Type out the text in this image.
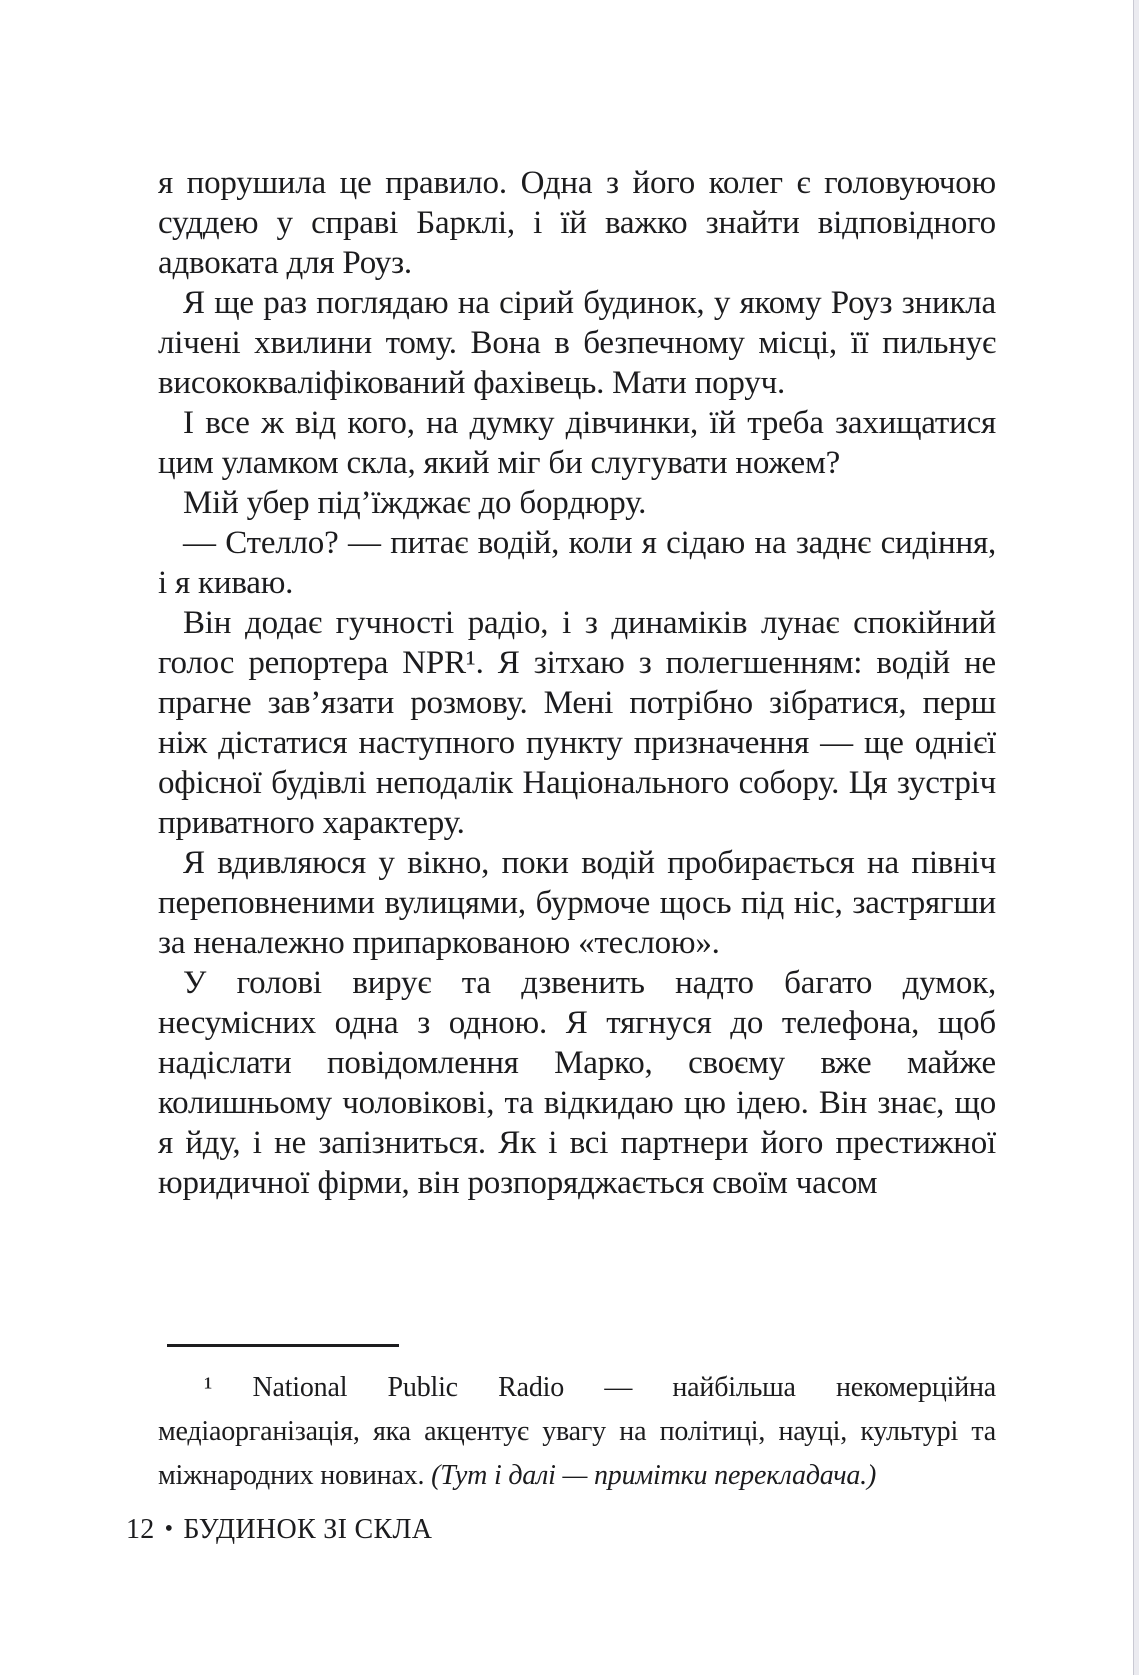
я порушила це правило. Одна з його колег є головуючою суддею у справі Барклі, і їй важко знайти відповідного адвоката для Роуз.

Я ще раз поглядаю на сірий будинок, у якому Роуз зникла лічені хвилини тому. Вона в безпечному місці, її пильнує висококваліфікований фахівець. Мати поруч.

І все ж від кого, на думку дівчинки, їй треба захищатися цим уламком скла, який міг би слугувати ножем?

Мій убер під’їжджає до бордюру.

— Стелло? — питає водій, коли я сідаю на заднє сидіння, і я киваю.

Він додає гучності радіо, і з динаміків лунає спокійний голос репортера NPR¹. Я зітхаю з полегшенням: водій не прагне зав’язати розмову. Мені потрібно зібратися, перш ніж дістатися наступного пункту призначення — ще однієї офісної будівлі неподалік Національного собору. Ця зустріч приватного характеру.

Я вдивляюся у вікно, поки водій пробирається на північ переповненими вулицями, бурмоче щось під ніс, застрягши за неналежно припаркованою «теслою».

У голові вирує та дзвенить надто багато думок, несумісних одна з одною. Я тягнуся до телефона, щоб надіслати повідомлення Марко, своєму вже майже колишньому чоловікові, та відкидаю цю ідею. Він знає, що я йду, і не запізниться. Як і всі партнери його престижної юридичної фірми, він розпоряджається своїм часом

¹ National Public Radio — найбільша некомерційна медіаорганізація, яка акцентує увагу на політиці, науці, культурі та міжнародних новинах. (Тут і далі — примітки перекладача.)

12 • БУДИНОК ЗІ СКЛА
